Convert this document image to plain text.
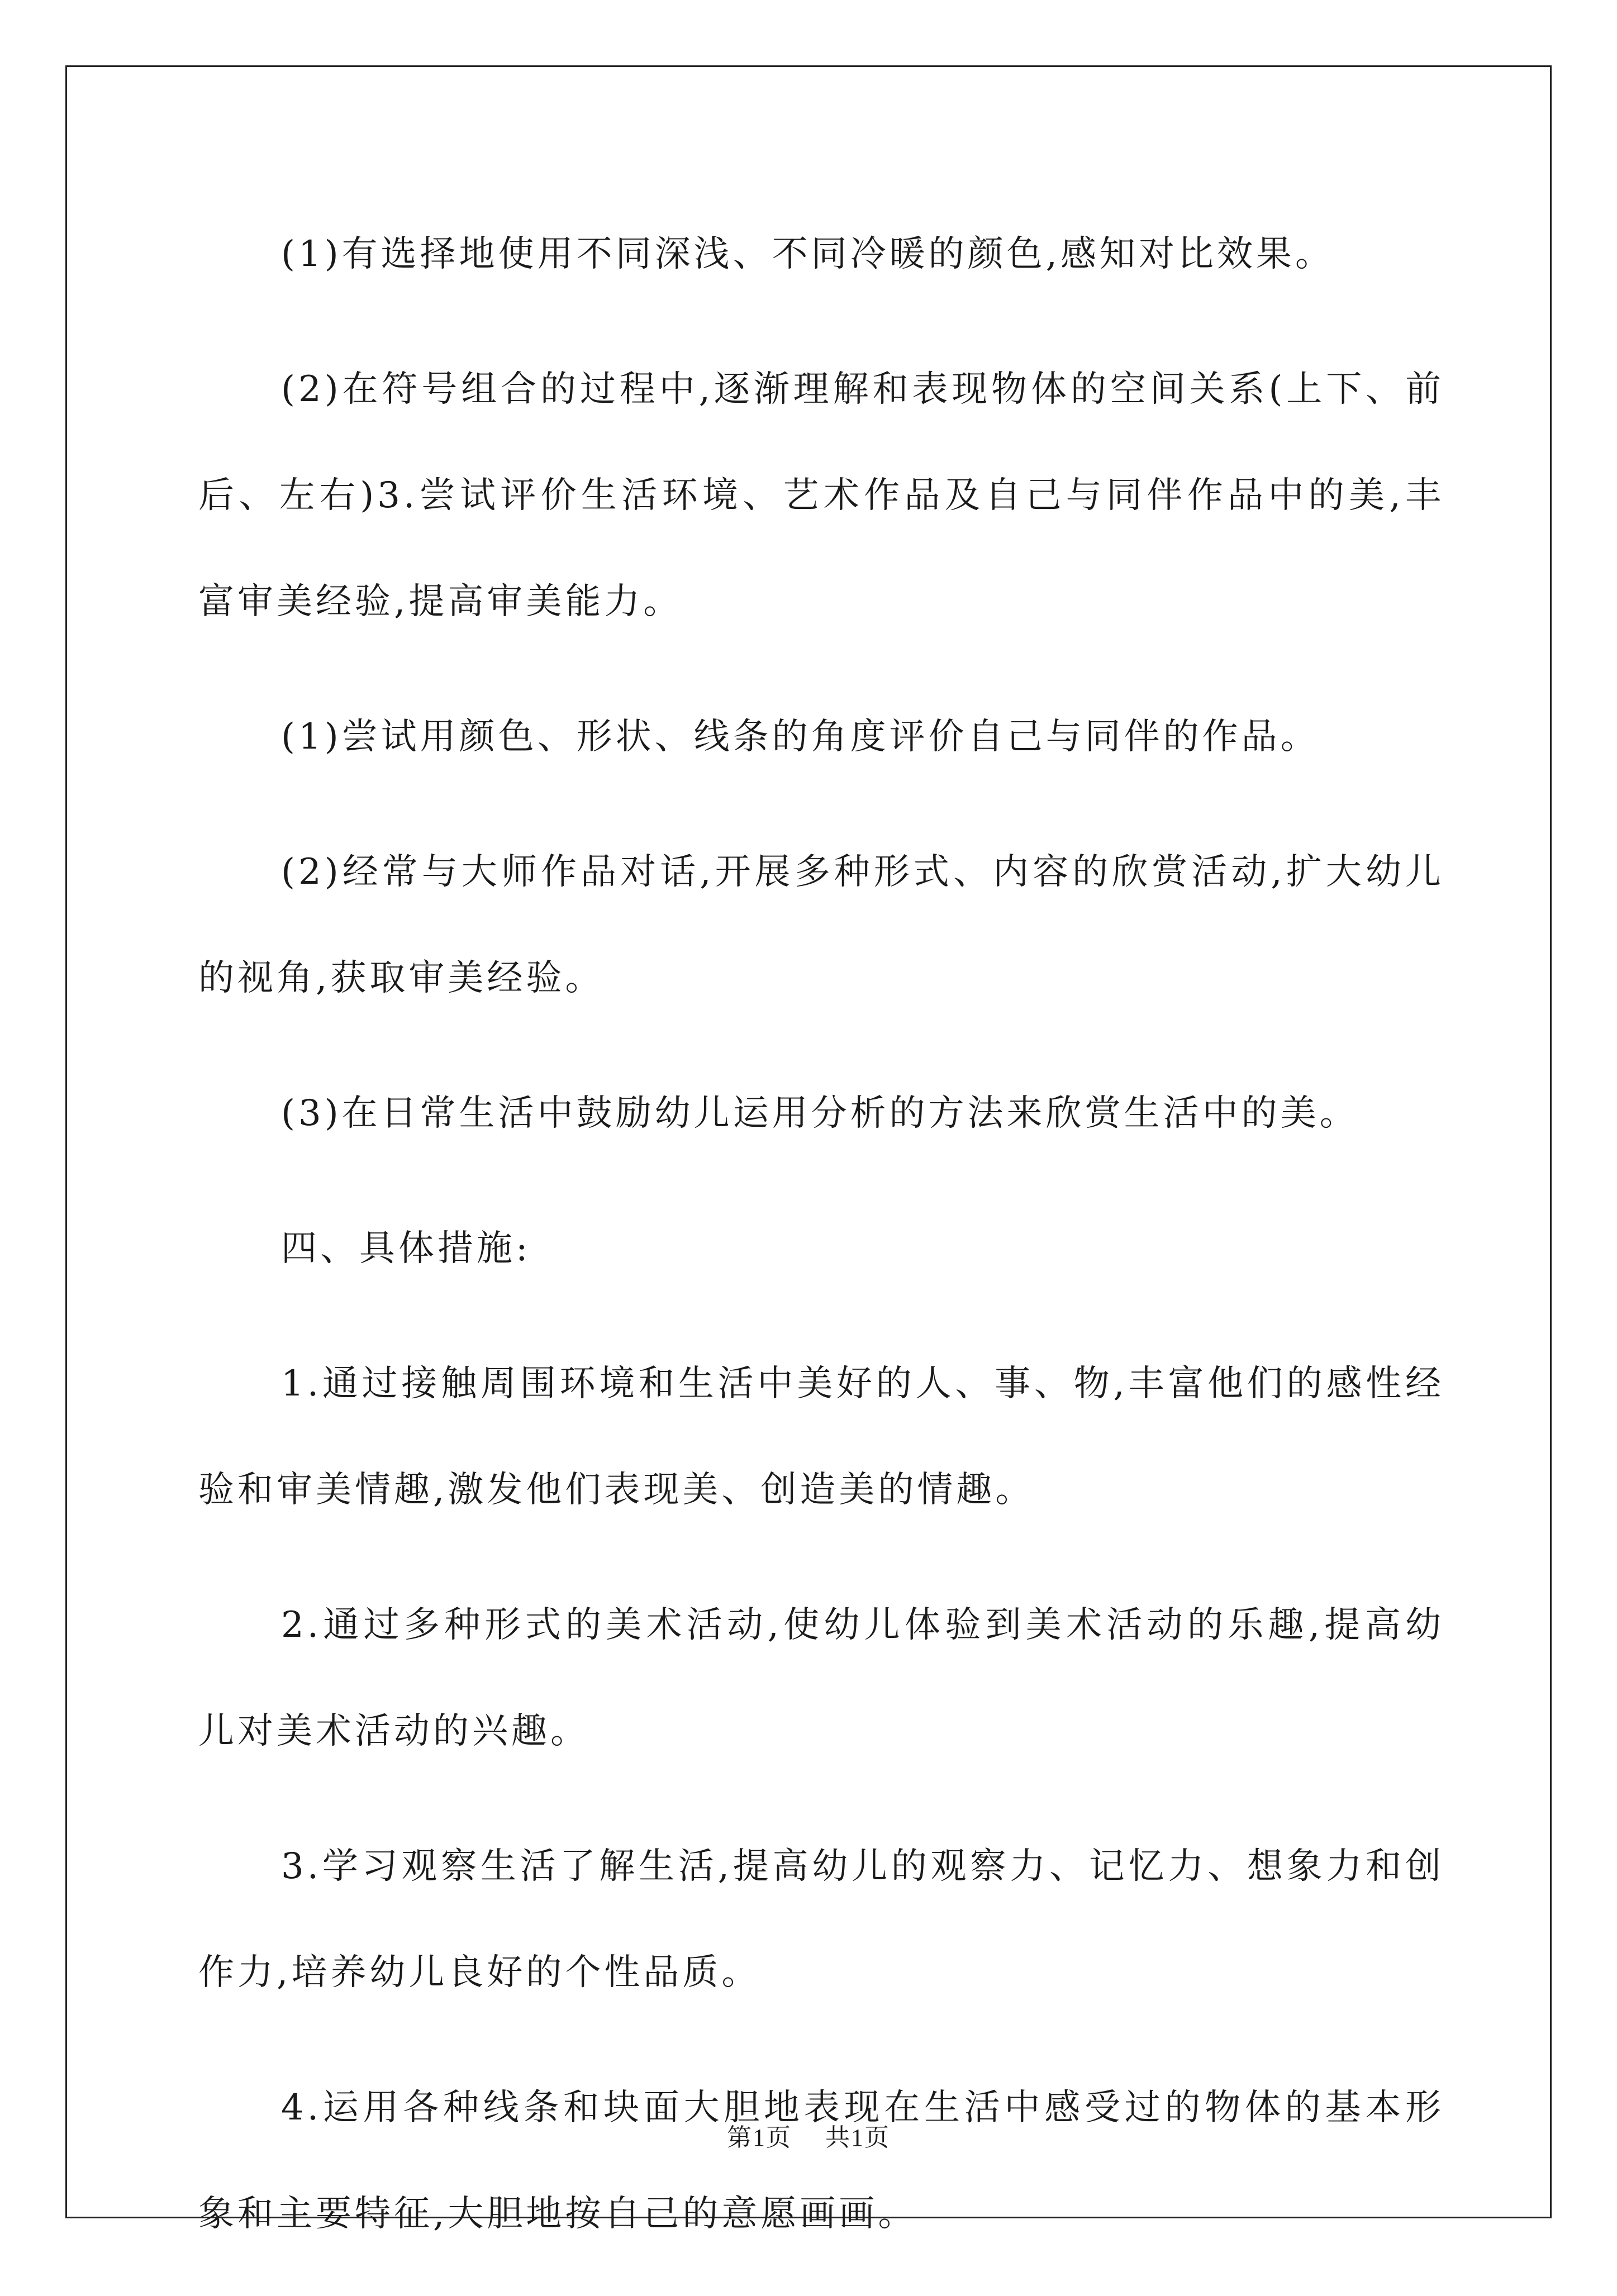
(1)有选择地使用不同深浅、不同冷暖的颜色,感知对比效果。

(2)在符号组合的过程中,逐渐理解和表现物体的空间关系(上下、前后、左右)3.尝试评价生活环境、艺术作品及自己与同伴作品中的美,丰富审美经验,提高审美能力。

(1)尝试用颜色、形状、线条的角度评价自己与同伴的作品。

(2)经常与大师作品对话,开展多种形式、内容的欣赏活动,扩大幼儿的视角,获取审美经验。

(3)在日常生活中鼓励幼儿运用分析的方法来欣赏生活中的美。

四、具体措施:

1.通过接触周围环境和生活中美好的人、事、物,丰富他们的感性经验和审美情趣,激发他们表现美、创造美的情趣。

2.通过多种形式的美术活动,使幼儿体验到美术活动的乐趣,提高幼儿对美术活动的兴趣。

3.学习观察生活了解生活,提高幼儿的观察力、记忆力、想象力和创作力,培养幼儿良好的个性品质。

4.运用各种线条和块面大胆地表现在生活中感受过的物体的基本形象和主要特征,大胆地按自己的意愿画画。

第1页 共1页
